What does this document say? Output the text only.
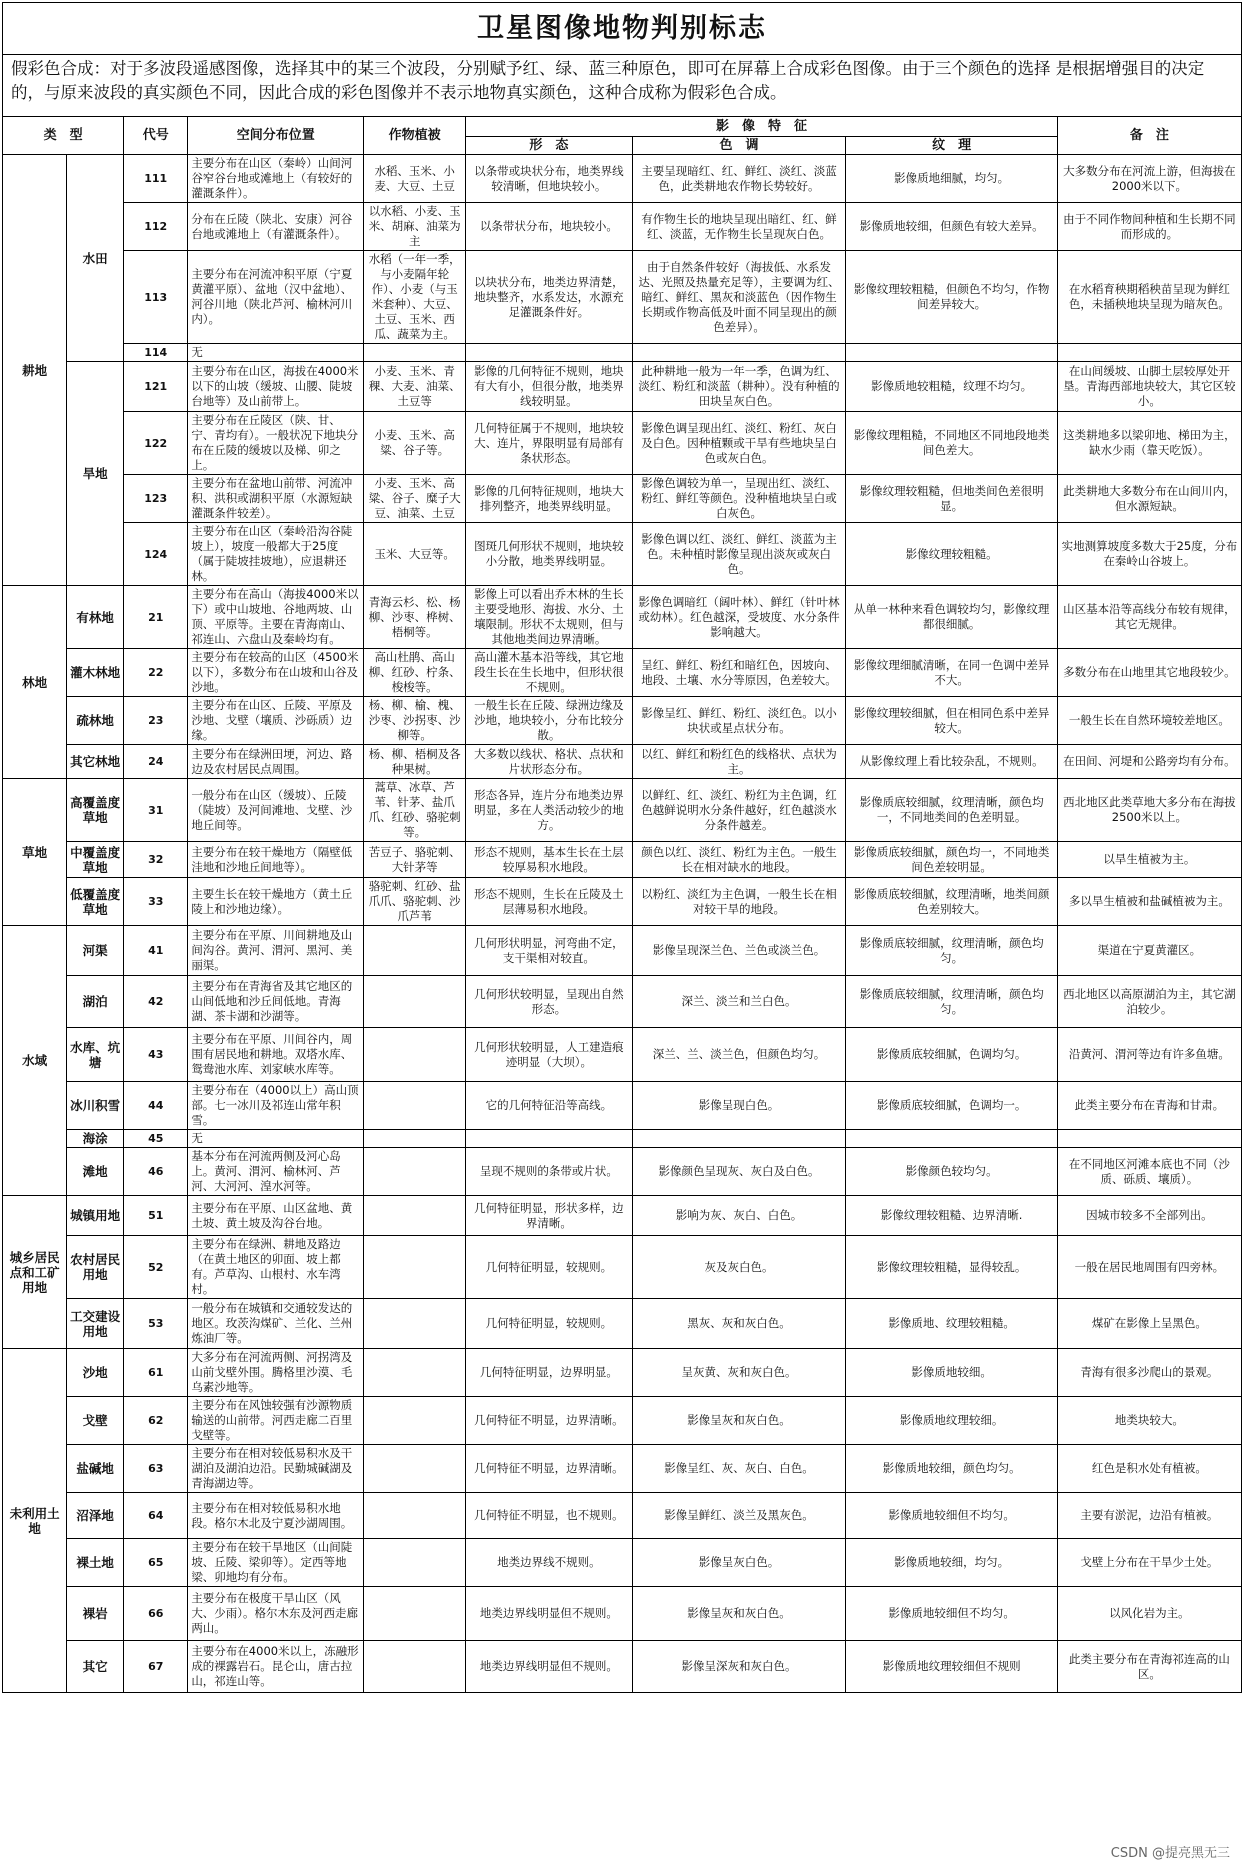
卫星图像地物判别标志
假彩色合成：对于多波段遥感图像，选择其中的某三个波段，分别赋予红、绿、蓝三种原色，即可在屏幕上合成彩色图像。由于三个颜色的选择 是根据增强目的决定的，与原来波段的真实颜色不同，因此合成的彩色图像并不表示地物真实颜色，这种合成称为假彩色合成。
类　型		代号	空间分布位置	作物植被	影　像　特　征			备　注
					形　态	色　调	纹　理	
耕地	水田	111	主要分布在山区（秦岭）山间河谷窄谷台地或滩地上（有较好的灌溉条件）。	水稻、玉米、小麦、大豆、土豆	以条带或块状分布，地类界线较清晰，但地块较小。	主要呈现暗红、红、鲜红、淡红、淡蓝色，此类耕地农作物长势较好。	影像质地细腻，均匀。	大多数分布在河流上游，但海拔在2000米以下。
		112	分布在丘陵（陕北、安康）河谷台地或滩地上（有灌溉条件）。	以水稻、小麦、玉米、胡麻、油菜为主	以条带状分布，地块较小。	有作物生长的地块呈现出暗红、红、鲜红、淡蓝，无作物生长呈现灰白色。	影像质地较细，但颜色有较大差异。	由于不同作物间种植和生长期不同而形成的。
		113	主要分布在河流冲积平原（宁夏黄灌平原）、盆地（汉中盆地）、河谷川地（陕北芦河、榆林河川内）。	水稻（一年一季，与小麦隔年轮作）、小麦（与玉米套种）、大豆、土豆、玉米、西瓜、蔬菜为主。	以块状分布，地类边界清楚，地块整齐，水系发达，水源充足灌溉条件好。	由于自然条件较好（海拔低、水系发达、光照及热量充足等），主要调为红、暗红、鲜红、黑灰和淡蓝色（因作物生长期或作物高低及叶面不同呈现出的颜色差异）。	影像纹理较粗糙，但颜色不均匀，作物间差异较大。	在水稻育秧期稻秧苗呈现为鲜红色，未插秧地块呈现为暗灰色。
		114	无					
	旱地	121	主要分布在山区，海拔在4000米以下的山坡（缓坡、山腰、陡坡台地等）及山前带上。	小麦、玉米、青稞、大麦、油菜、土豆等	影像的几何特征不规则，地块有大有小，但很分散，地类界线较明显。	此种耕地一般为一年一季，色调为红、淡红、粉红和淡蓝（耕种）。没有种植的田块呈灰白色。	影像质地较粗糙，纹理不均匀。	在山间缓坡、山脚土层较厚处开垦。青海西部地块较大，其它区较小。
		122	主要分布在丘陵区（陕、甘、宁、青均有）。一般状况下地块分布在丘陵的缓坡以及梯、卯之上。	小麦、玉米、高粱、谷子等。	几何特征属于不规则，地块较大、连片，界限明显有局部有条状形态。	影像色调呈现出红、淡红、粉红、灰白及白色。因种植颗或干旱有些地块呈白色或灰白色。	影像纹理粗糙，不同地区不同地段地类间色差大。	这类耕地多以梁卯地、梯田为主，缺水少雨（靠天吃饭）。
		123	主要分布在盆地山前带、河流冲积、洪积或湖积平原（水源短缺灌溉条件较差）。	小麦、玉米、高粱、谷子、糜子大豆、油菜、土豆	影像的几何特征规则，地块大排列整齐，地类界线明显。	影像色调较为单一，呈现出红、淡红、粉红、鲜红等颜色。没种植地块呈白或白灰色。	影像纹理较粗糙，但地类间色差很明显。	此类耕地大多数分布在山间川内，但水源短缺。
		124	主要分布在山区（秦岭沿沟谷陡坡上），坡度一般都大于25度（属于陡坡挂坡地），应退耕还林。	玉米、大豆等。	图斑几何形状不规则，地块较小分散，地类界线明显。	影像色调以红、淡红、鲜红、淡蓝为主色。未种植时影像呈现出淡灰或灰白色。	影像纹理较粗糙。	实地测算坡度多数大于25度，分布在秦岭山谷坡上。
林地	有林地	21	主要分布在高山（海拔4000米以下）或中山坡地、谷地两坡、山顶、平原等。主要在青海南山、祁连山、六盘山及秦岭均有。	青海云杉、松、杨柳、沙枣、桦树、梧桐等。	影像上可以看出乔木林的生长主要受地形、海拔、水分、土壤限制。形状不太规则，但与其他地类间边界清晰。	影像色调暗红（阔叶林）、鲜红（针叶林或幼林）。红色越深，受坡度、水分条件影响越大。	从单一林种来看色调较均匀，影像纹理都很细腻。	山区基本沿等高线分布较有规律，其它无规律。
	灌木林地	22	主要分布在较高的山区（4500米以下），多数分布在山坡和山谷及沙地。	高山杜鹃、高山柳、红砂、柠条、梭梭等。	高山灌木基本沿等线，其它地段生长在生长地中，但形状很不规则。	呈红、鲜红、粉红和暗红色，因坡向、地段、土壤、水分等原因，色差较大。	影像纹理细腻清晰，在同一色调中差异不大。	多数分布在山地里其它地段较少。
	疏林地	23	主要分布在山区、丘陵、平原及沙地、戈壁（壤质、沙砾质）边缘。	杨、柳、榆、槐、沙枣、沙拐枣、沙柳等。	一般生长在丘陵、绿洲边缘及沙地，地块较小，分布比较分散。	影像呈红、鲜红、粉红、淡红色。以小块状或星点状分布。	影像纹理较细腻，但在相同色系中差异较大。	一般生长在自然环境较差地区。
	其它林地	24	主要分布在绿洲田埂，河边、路边及农村居民点周围。	杨、柳、梧桐及各种果树。	大多数以线状、格状、点状和片状形态分布。	以红、鲜红和粉红色的线格状、点状为主。	从影像纹理上看比较杂乱，不规则。	在田间、河堤和公路旁均有分布。
草地	高覆盖度草地	31	一般分布在山区（缓坡）、丘陵（陡坡）及河间滩地、戈壁、沙地丘间等。	蒿草、冰草、芦苇、针茅、盐爪爪、红砂、骆驼刺等。	形态各异，连片分布地类边界明显，多在人类活动较少的地方。	以鲜红、红、淡红、粉红为主色调，红色越鲜说明水分条件越好，红色越淡水分条件越差。	影像质底较细腻，纹理清晰，颜色均一，不同地类间的色差明显。	西北地区此类草地大多分布在海拔2500米以上。
	中覆盖度草地	32	主要分布在较干燥地方（隔壁低洼地和沙地丘间地等）。	苦豆子、骆驼刺、大针茅等	形态不规则，基本生长在土层较厚易积水地段。	颜色以红、淡红、粉红为主色。一般生长在相对缺水的地段。	影像质底较细腻，颜色均一，不同地类间色差较明显。	以旱生植被为主。
	低覆盖度草地	33	主要生长在较干燥地方（黄土丘陵上和沙地边缘）。	骆驼刺、红砂、盐爪爪、骆驼刺、沙爪芦苇	形态不规则，生长在丘陵及土层薄易积水地段。	以粉红、淡红为主色调，一般生长在相对较干旱的地段。	影像质底较细腻，纹理清晰，地类间颜色差别较大。	多以旱生植被和盐碱植被为主。
水域	河渠	41	主要分布在平原、川间耕地及山间沟谷。黄河、渭河、黑河、美丽渠。		几何形状明显，河弯曲不定，支干渠相对较直。	影像呈现深兰色、兰色或淡兰色。	影像质底较细腻，纹理清晰，颜色均匀。	渠道在宁夏黄灌区。
	湖泊	42	主要分布在青海省及其它地区的山间低地和沙丘间低地。青海湖、茶卡湖和沙湖等。		几何形状较明显，呈现出自然形态。	深兰、淡兰和兰白色。	影像质底较细腻，纹理清晰，颜色均匀。	西北地区以高原湖泊为主，其它湖泊较少。
	水库、坑塘	43	主要分布在平原、川间谷内，周围有居民地和耕地。双塔水库、鸳鸯池水库、刘家峡水库等。		几何形状较明显，人工建造痕迹明显（大坝）。	深兰、兰、淡兰色，但颜色均匀。	影像质底较细腻，色调均匀。	沿黄河、渭河等边有许多鱼塘。
	冰川积雪	44	主要分布在（4000以上）高山顶部。七一冰川及祁连山常年积雪。		它的几何特征沿等高线。	影像呈现白色。	影像质底较细腻，色调均一。	此类主要分布在青海和甘肃。
	海涂	45	无					
	滩地	46	基本分布在河流两侧及河心岛上。黄河、渭河、榆林河、芦河、大河河、湟水河等。		呈现不规则的条带或片状。	影像颜色呈现灰、灰白及白色。	影像颜色较均匀。	在不同地区河滩本底也不同（沙质、砾质、壤质）。
城乡居民点和工矿用地	城镇用地	51	主要分布在平原、山区盆地、黄土坡、黄土坡及沟谷台地。		几何特征明显，形状多样，边界清晰。	影响为灰、灰白、白色。	影像纹理较粗糙、边界清晰.	因城市较多不全部列出。
	农村居民用地	52	主要分布在绿洲、耕地及路边（在黄土地区的卯面、坡上都有。芦草沟、山根村、水车湾村。		几何特征明显，较规则。	灰及灰白色。	影像纹理较粗糙，显得较乱。	一般在居民地周围有四旁林。
	工交建设用地	53	一般分布在城镇和交通较发达的地区。玫茨沟煤矿、兰化、兰州炼油厂等。		几何特征明显，较规则。	黑灰、灰和灰白色。	影像质地、纹理较粗糙。	煤矿在影像上呈黑色。
未利用土地	沙地	61	大多分布在河流两侧、河拐湾及山前戈壁外围。腾格里沙漠、毛乌素沙地等。		几何特征明显，边界明显。	呈灰黄、灰和灰白色。	影像质地较细。	青海有很多沙爬山的景观。
	戈壁	62	主要分布在风蚀较强有沙源物质输送的山前带。河西走廊二百里戈壁等。		几何特征不明显，边界清晰。	影像呈灰和灰白色。	影像质地纹理较细。	地类块较大。
	盐碱地	63	主要分布在相对较低易积水及干湖泊及湖泊边沿。民勤城碱湖及青海湖边等。		几何特征不明显，边界清晰。	影像呈红、灰、灰白、白色。	影像质地较细，颜色均匀。	红色是积水处有植被。
	沼泽地	64	主要分布在相对较低易积水地段。格尔木北及宁夏沙湖周围。		几何特征不明显，也不规则。	影像呈鲜红、淡兰及黑灰色。	影像质地较细但不均匀。	主要有淤泥，边沿有植被。
	裸土地	65	主要分布在较干旱地区（山间陡坡、丘陵、梁卯等）。定西等地梁、卯地均有分布。		地类边界线不规则。	影像呈灰白色。	影像质地较细，均匀。	戈壁上分布在干旱少土处。
	裸岩	66	主要分布在极度干旱山区（风大、少雨）。格尔木东及河西走廊两山。		地类边界线明显但不规则。	影像呈灰和灰白色。	影像质地较细但不均匀。	以风化岩为主。
	其它	67	主要分布在4000米以上，冻融形成的裸露岩石。昆仑山，唐古拉山，祁连山等。		地类边界线明显但不规则。	影像呈深灰和灰白色。	影像质地纹理较细但不规则	此类主要分布在青海祁连高的山区。
CSDN @提亮黑无三
